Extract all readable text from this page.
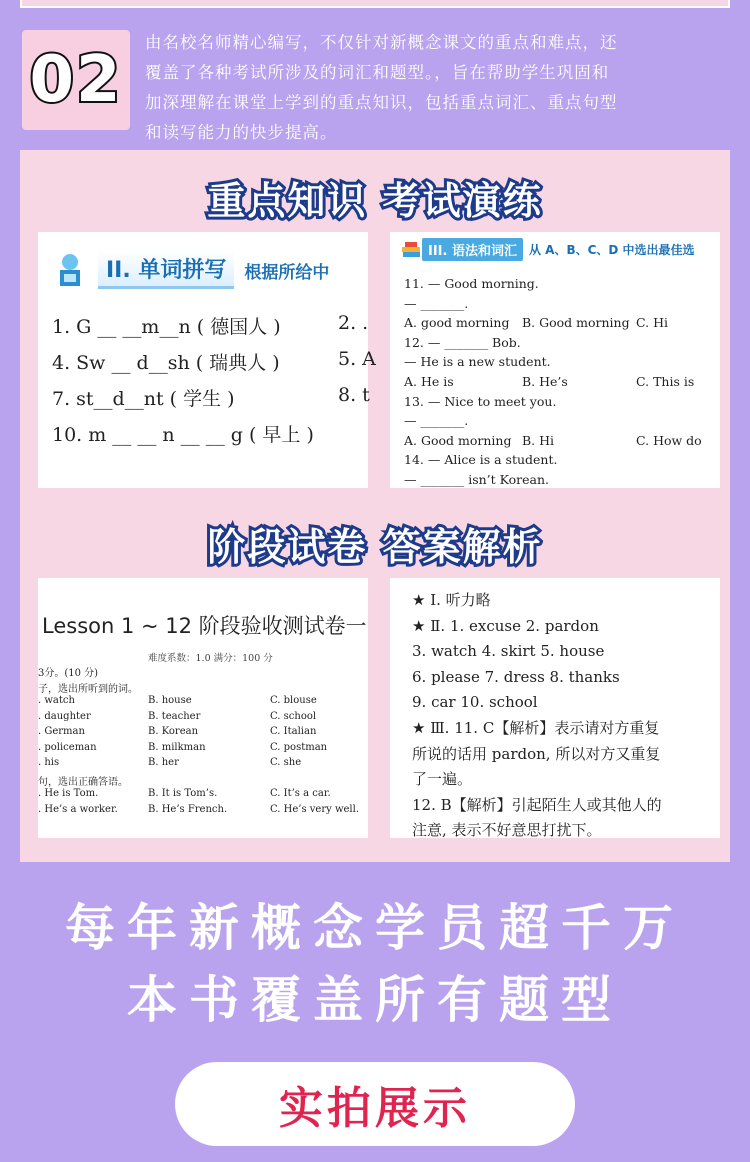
02
由名校名师精心编写，不仅针对新概念课文的重点和难点，还
覆盖了各种考试所涉及的词汇和题型。，旨在帮助学生巩固和
加深理解在课堂上学到的重点知识，包括重点词汇、重点句型
和读写能力的快步提高。
重点知识 考试演练
II. 单词拼写	根据所给中
1. G __ __m__n ( 德国人 )	2. .
4. Sw __ d__sh ( 瑞典人 )	5. A
7. st__d__nt ( 学生 )	8. t
10. m __ __ n __ __ g ( 早上 )
III. 语法和词汇	从 A、B、C、D 中选出最佳选
11. — Good morning.
— _______.
A. good morning B. Good morning C. Hi
12. — _______ Bob.
— He is a new student.
A. He is	B. He’s	C. This is
13. — Nice to meet you.
— _______.
A. Good morning B. Hi	C. How do
14. — Alice is a student.
— _______ isn’t Korean.
阶段试卷 答案解析
Lesson 1 ~ 12 阶段验收测试卷一
难度系数：1.0 满分：100 分
3分。(10 分)
子，选出所听到的词。
. watch	B. house	C. blouse
. daughter	B. teacher	C. school
. German	B. Korean	C. Italian
. policeman	B. milkman	C. postman
. his	B. her	C. she
句，选出正确答语。
. He is Tom.	B. It is Tom’s.	C. It’s a car.
. He’s a worker.	B. He’s French.	C. He’s very well.
★ Ⅰ. 听力略
★ Ⅱ. 1. excuse 2. pardon
3. watch 4. skirt 5. house
6. please 7. dress 8. thanks
9. car 10. school
★ Ⅲ. 11. C【解析】表示请对方重复
所说的话用 pardon, 所以对方又重复
了一遍。
12. B【解析】引起陌生人或其他人的
注意, 表示不好意思打扰下。
每年新概念学员超千万
本书覆盖所有题型
实拍展示
